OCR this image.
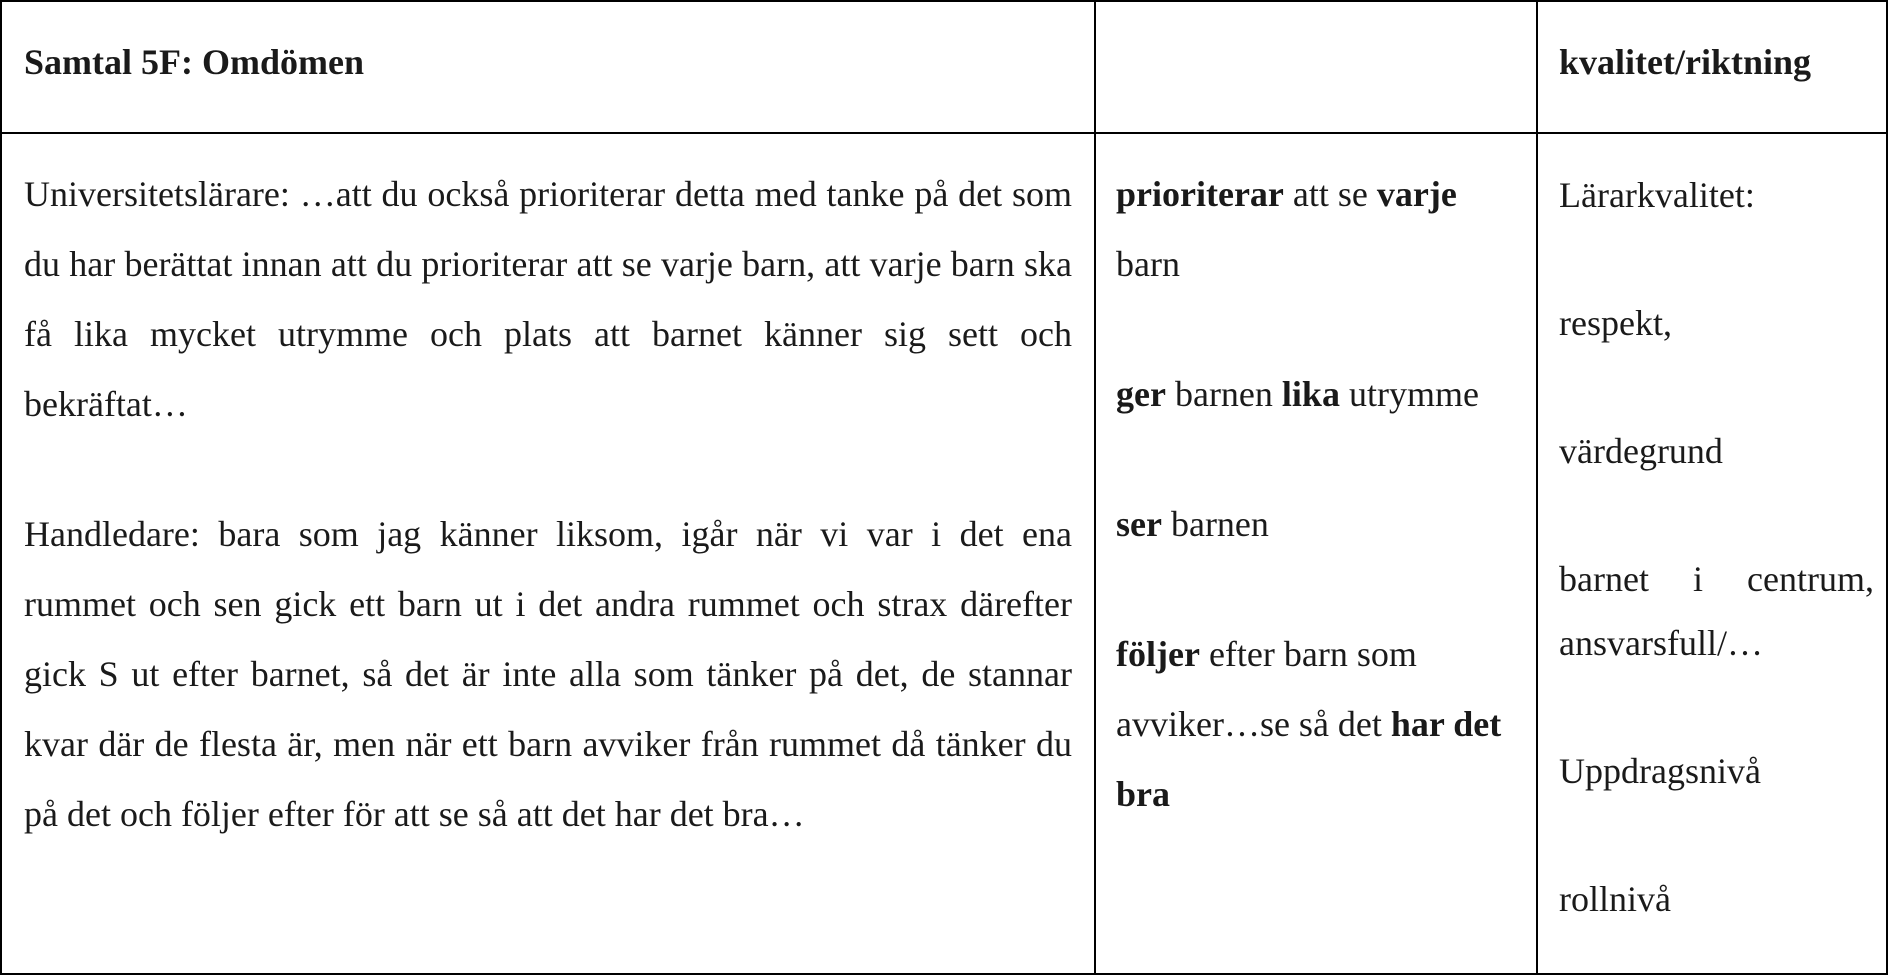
Samtal 5F: Omdömen	kvalitet/riktning

Universitetslärare: …att du också prioriterar detta med tanke på det som du har berättat innan att du prioriterar att se varje barn, att varje barn ska få lika mycket utrymme och plats att barnet känner sig sett och bekräftat…

Handledare: bara som jag känner liksom, igår när vi var i det ena rummet och sen gick ett barn ut i det andra rummet och strax därefter gick S ut efter barnet, så det är inte alla som tänker på det, de stannar kvar där de flesta är, men när ett barn avviker från rummet då tänker du på det och följer efter för att se så att det har det bra…

prioriterar att se varje barn
ger barnen lika utrymme
ser barnen
följer efter barn som avviker…se så det har det bra

Lärarkvalitet:

respekt,

värdegrund

barnet i centrum,
ansvarsfull/…

Uppdragsnivå

rollnivå
